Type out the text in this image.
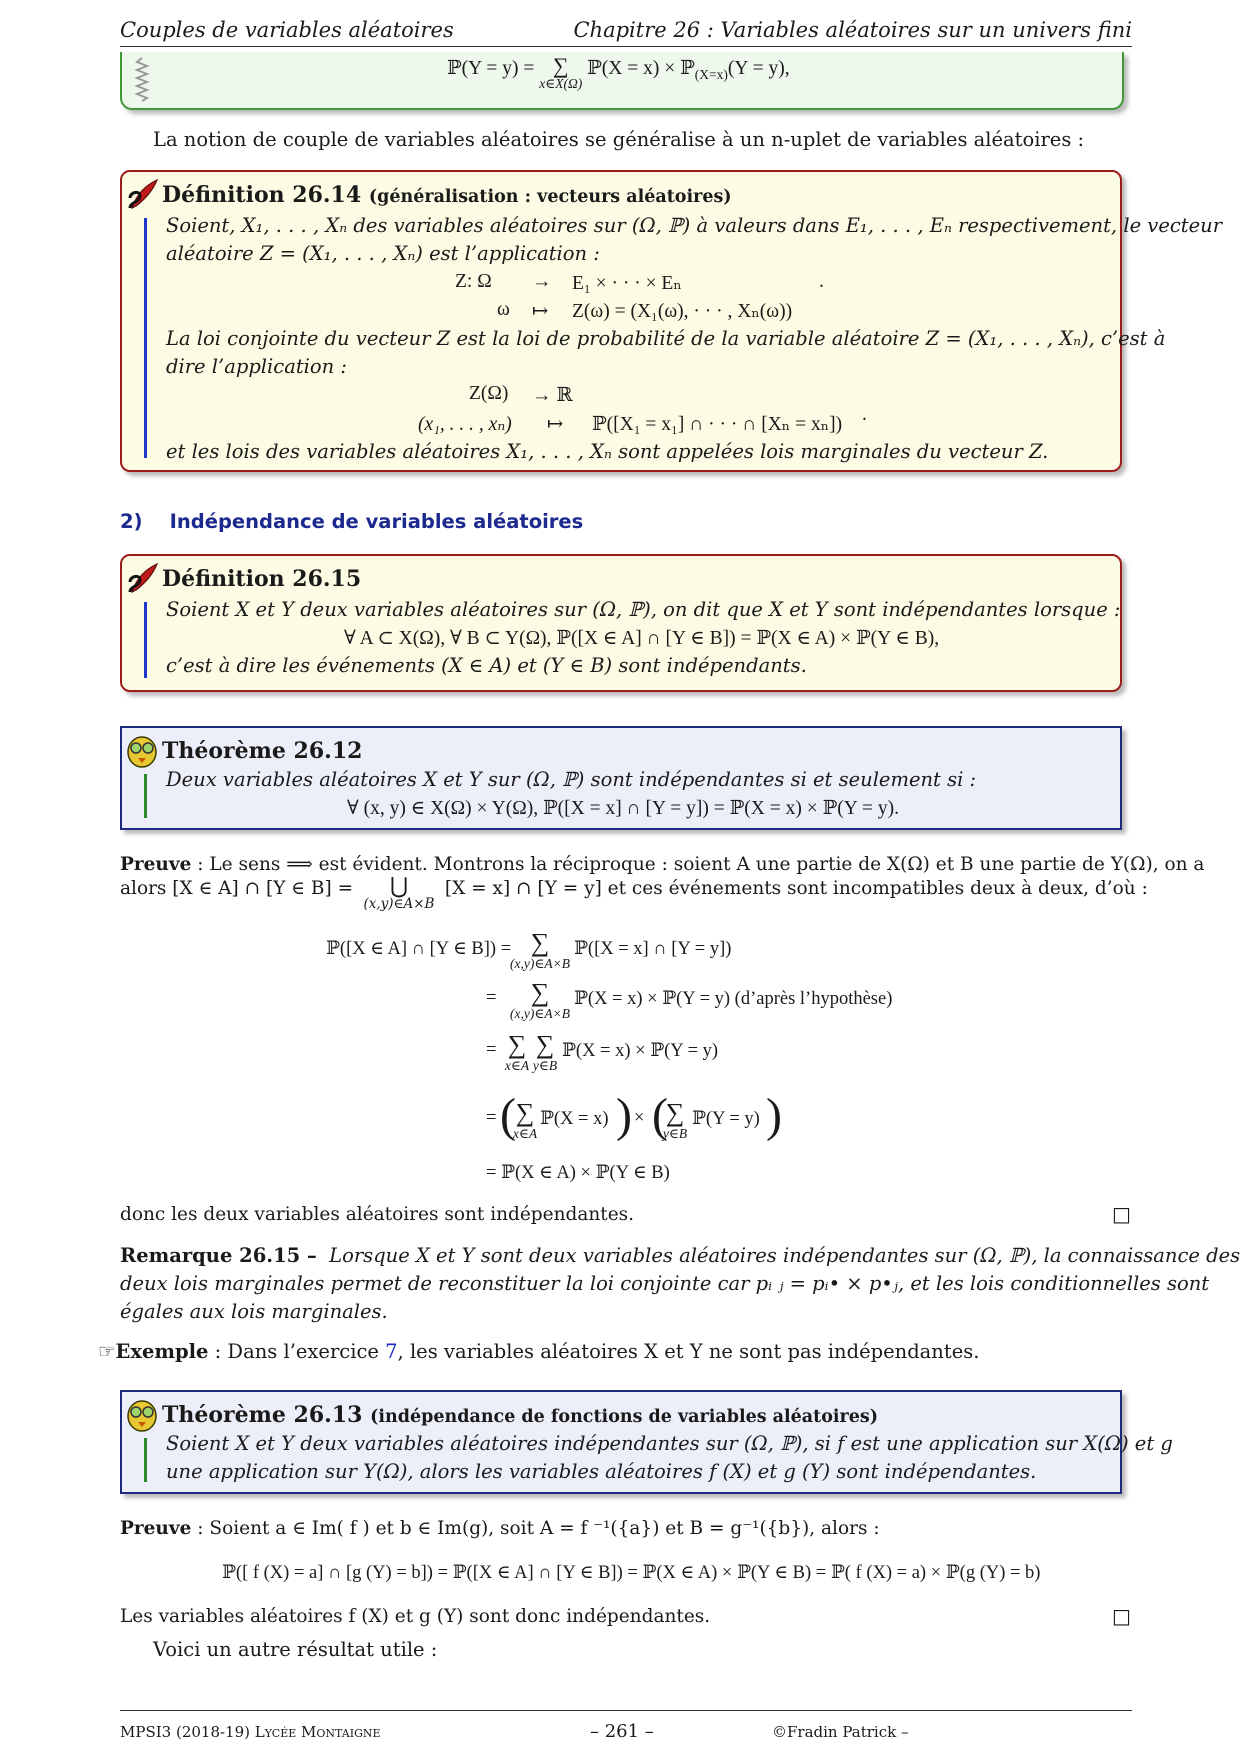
Couples de variables aléatoires	Chapitre 26 : Variables aléatoires sur un univers fini
ℙ(Y = y) = ∑
x∈X(Ω)
ℙ(X = x) × ℙ$_{(X=x)}$(Y = y),
La notion de couple de variables aléatoires se généralise à un n-uplet de variables aléatoires :
Définition 26.14 (généralisation : vecteurs aléatoires)
Soient, X₁, . . . , Xₙ des variables aléatoires sur (Ω, ℙ) à valeurs dans E₁, . . . , Eₙ respectivement, le vecteur
aléatoire Z = (X₁, . . . , Xₙ) est l’application :
Z: Ω → E₁ × · · · × Eₙ	.
ω ↦ Z(ω) = (X₁(ω), · · · , Xₙ(ω))
La loi conjointe du vecteur Z est la loi de probabilité de la variable aléatoire Z = (X₁, . . . , Xₙ), c’est à
dire l’application :
Z(Ω) → ℝ
(x₁, . . . , xₙ) ↦ ℙ([X₁ = x₁] ∩ · · · ∩ [Xₙ = xₙ]) .
et les lois des variables aléatoires X₁, . . . , Xₙ sont appelées lois marginales du vecteur Z.
2) Indépendance de variables aléatoires
Définition 26.15
Soient X et Y deux variables aléatoires sur (Ω, ℙ), on dit que X et Y sont indépendantes lorsque :
∀ A ⊂ X(Ω), ∀ B ⊂ Y(Ω), ℙ([X ∈ A] ∩ [Y ∈ B]) = ℙ(X ∈ A) × ℙ(Y ∈ B),
c’est à dire les événements (X ∈ A) et (Y ∈ B) sont indépendants.
Théorème 26.12
Deux variables aléatoires X et Y sur (Ω, ℙ) sont indépendantes si et seulement si :
∀ (x, y) ∈ X(Ω) × Y(Ω), ℙ([X = x] ∩ [Y = y]) = ℙ(X = x) × ℙ(Y = y).
Preuve : Le sens ⟹ est évident. Montrons la réciproque : soient A une partie de X(Ω) et B une partie de Y(Ω), on a
alors [X ∈ A] ∩ [Y ∈ B] =	⋃
(x,y)∈A×B
[X = x] ∩ [Y = y] et ces événements sont incompatibles deux à deux, d’où :
ℙ([X ∈ A] ∩ [Y ∈ B]) = ∑
(x,y)∈A×B
ℙ([X = x] ∩ [Y = y])
=	∑
(x,y)∈A×B
ℙ(X = x) × ℙ(Y = y) (d’après l’hypothèse)
= ∑
x∈A
∑
y∈B
ℙ(X = x) × ℙ(Y = y)
= ( ∑
x∈A
ℙ(X = x) ) × (
∑
y∈B
ℙ(Y = y) )
= ℙ(X ∈ A) × ℙ(Y ∈ B)
donc les deux variables aléatoires sont indépendantes.	□
Remarque 26.15 – Lorsque X et Y sont deux variables aléatoires indépendantes sur (Ω, ℙ), la connaissance des
deux lois marginales permet de reconstituer la loi conjointe car pᵢ ⱼ = pᵢ• × p•ⱼ, et les lois conditionnelles sont
égales aux lois marginales.
☞Exemple : Dans l’exercice 7, les variables aléatoires X et Y ne sont pas indépendantes.
Théorème 26.13 (indépendance de fonctions de variables aléatoires)
Soient X et Y deux variables aléatoires indépendantes sur (Ω, ℙ), si f est une application sur X(Ω) et g
une application sur Y(Ω), alors les variables aléatoires f (X) et g (Y) sont indépendantes.
Preuve : Soient a ∈ Im( f ) et b ∈ Im(g), soit A = f ⁻¹({a}) et B = g⁻¹({b}), alors :
ℙ([ f (X) = a] ∩ [g (Y) = b]) = ℙ([X ∈ A] ∩ [Y ∈ B]) = ℙ(X ∈ A) × ℙ(Y ∈ B) = ℙ( f (X) = a) × ℙ(g (Y) = b)
Les variables aléatoires f (X) et g (Y) sont donc indépendantes.	□
Voici un autre résultat utile :
MPSI3 (2018-19) Lycée Montaigne	– 261 –	©Fradin Patrick –
